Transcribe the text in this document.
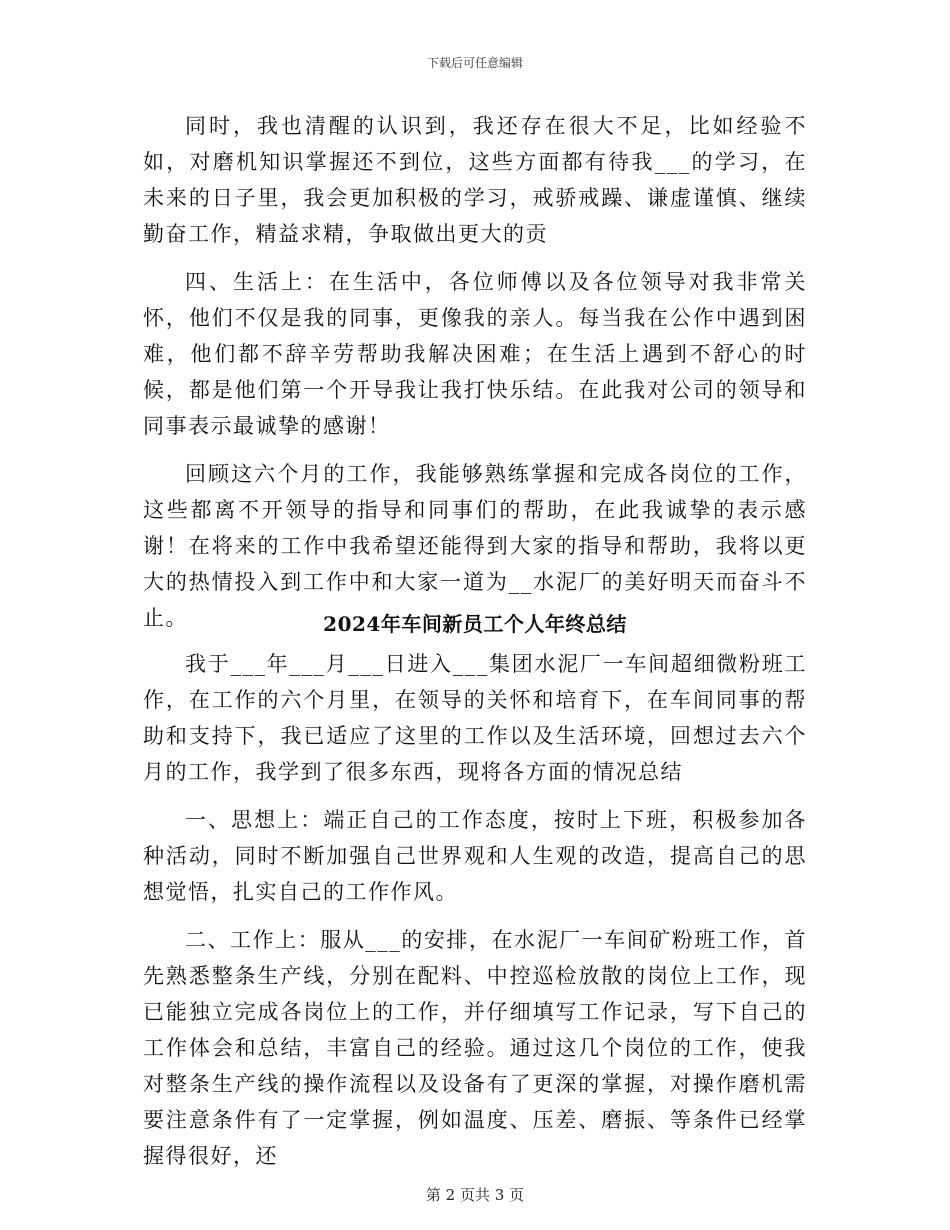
下载后可任意编辑

同时，我也清醒的认识到，我还存在很大不足，比如经验不如，对磨机知识掌握还不到位，这些方面都有待我___的学习，在未来的日子里，我会更加积极的学习，戒骄戒躁、谦虚谨慎、继续勤奋工作，精益求精，争取做出更大的贡

四、生活上：在生活中，各位师傅以及各位领导对我非常关怀，他们不仅是我的同事，更像我的亲人。每当我在公作中遇到困难，他们都不辞辛劳帮助我解决困难；在生活上遇到不舒心的时候，都是他们第一个开导我让我打快乐结。在此我对公司的领导和同事表示最诚挚的感谢！

回顾这六个月的工作，我能够熟练掌握和完成各岗位的工作，这些都离不开领导的指导和同事们的帮助，在此我诚挚的表示感谢！在将来的工作中我希望还能得到大家的指导和帮助，我将以更大的热情投入到工作中和大家一道为__水泥厂的美好明天而奋斗不止。	2024年车间新员工个人年终总结

我于___年___月___日进入___集团水泥厂一车间超细微粉班工作，在工作的六个月里，在领导的关怀和培育下，在车间同事的帮助和支持下，我已适应了这里的工作以及生活环境，回想过去六个月的工作，我学到了很多东西，现将各方面的情况总结

一、思想上：端正自己的工作态度，按时上下班，积极参加各种活动，同时不断加强自己世界观和人生观的改造，提高自己的思想觉悟，扎实自己的工作作风。

二、工作上：服从___的安排，在水泥厂一车间矿粉班工作，首先熟悉整条生产线，分别在配料、中控巡检放散的岗位上工作，现已能独立完成各岗位上的工作，并仔细填写工作记录，写下自己的工作体会和总结，丰富自己的经验。通过这几个岗位的工作，使我对整条生产线的操作流程以及设备有了更深的掌握，对操作磨机需要注意条件有了一定掌握，例如温度、压差、磨振、等条件已经掌握得很好，还

第 2 页共 3 页
